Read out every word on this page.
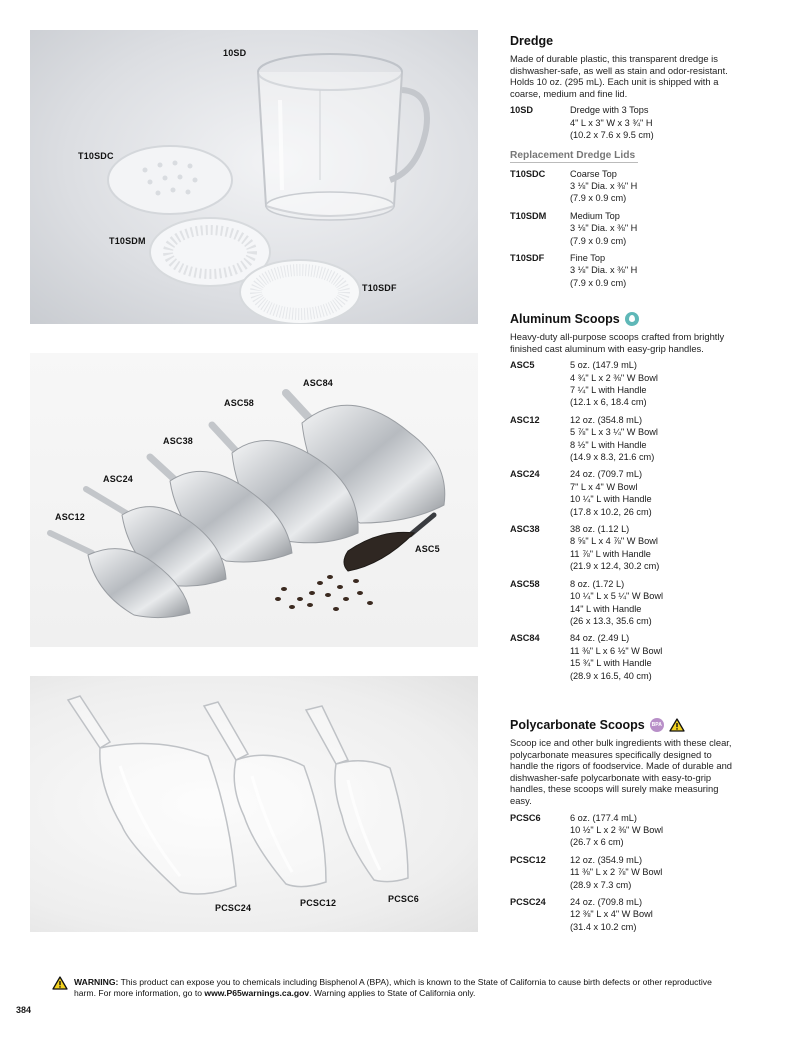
10SD
T10SDC
T10SDM
T10SDF
ASC84
ASC58
ASC38
ASC24
ASC12
ASC5
PCSC24	PCSC12	PCSC6
Dredge
Made of durable plastic, this transparent dredge is dishwasher-safe, as well as stain and odor-resistant. Holds 10 oz. (295 mL). Each unit is shipped with a coarse, medium and fine lid.
10SD	Dredge with 3 Tops
4" L x 3" W x 3 ¾" H
(10.2 x 7.6 x 9.5 cm)
Replacement Dredge Lids
T10SDC	Coarse Top
3 ⅛" Dia. x ⅜" H
(7.9 x 0.9 cm)
T10SDM	Medium Top
3 ⅛" Dia. x ⅜" H
(7.9 x 0.9 cm)
T10SDF	Fine Top
3 ⅛" Dia. x ⅜" H
(7.9 x 0.9 cm)
Aluminum Scoops
Heavy-duty all-purpose scoops crafted from brightly finished cast aluminum with easy-grip handles.
ASC5	5 oz. (147.9 mL)
4 ¾" L x 2 ⅜" W Bowl
7 ¼" L with Handle
(12.1 x 6, 18.4 cm)
ASC12	12 oz. (354.8 mL)
5 ⅞" L x 3 ¼" W Bowl
8 ½" L with Handle
(14.9 x 8.3, 21.6 cm)
ASC24	24 oz. (709.7 mL)
7" L x 4" W Bowl
10 ¼" L with Handle
(17.8 x 10.2, 26 cm)
ASC38	38 oz. (1.12 L)
8 ⅝" L x 4 ⅞" W Bowl
11 ⅞" L with Handle
(21.9 x 12.4, 30.2 cm)
ASC58	8 oz. (1.72 L)
10 ¼" L x 5 ¼" W Bowl
14" L with Handle
(26 x 13.3, 35.6 cm)
ASC84	84 oz. (2.49 L)
11 ⅜" L x 6 ½" W Bowl
15 ¾" L with Handle
(28.9 x 16.5, 40 cm)
Polycarbonate Scoops	BPA
Scoop ice and other bulk ingredients with these clear, polycarbonate measures specifically designed to handle the rigors of foodservice. Made of durable and dishwasher-safe polycarbonate with easy-to-grip handles, these scoops will surely make measuring easy.
PCSC6	6 oz. (177.4 mL)
10 ½" L x 2 ⅜" W Bowl
(26.7 x 6 cm)
PCSC12	12 oz. (354.9 mL)
11 ⅜" L x 2 ⅞" W Bowl
(28.9 x 7.3 cm)
PCSC24	24 oz. (709.8 mL)
12 ⅜" L x 4" W Bowl
(31.4 x 10.2 cm)
WARNING: This product can expose you to chemicals including Bisphenol A (BPA), which is known to the State of California to cause birth defects or other reproductive harm. For more information, go to www.P65warnings.ca.gov. Warning applies to State of California only.
384
